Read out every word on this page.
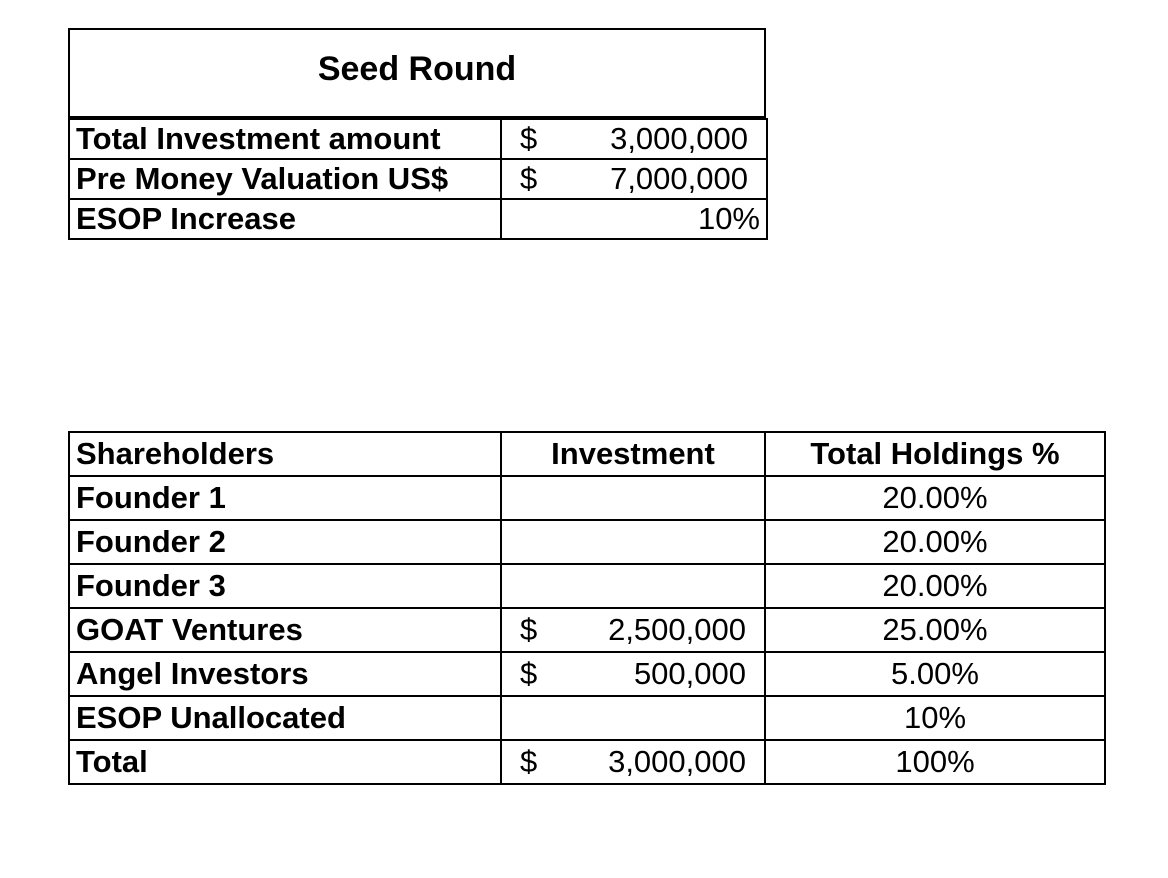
Seed Round
Total Investment amount	$ 3,000,000

Pre Money Valuation US$	$ 7,000,000

ESOP Increase	10%
Shareholders	Investment	Total Holdings %
Founder 1		20.00%
Founder 2		20.00%
Founder 3		20.00%
GOAT Ventures	$ 2,500,000	25.00%
Angel Investors	$ 500,000	5.00%
ESOP Unallocated		10%
Total	$ 3,000,000	100%
